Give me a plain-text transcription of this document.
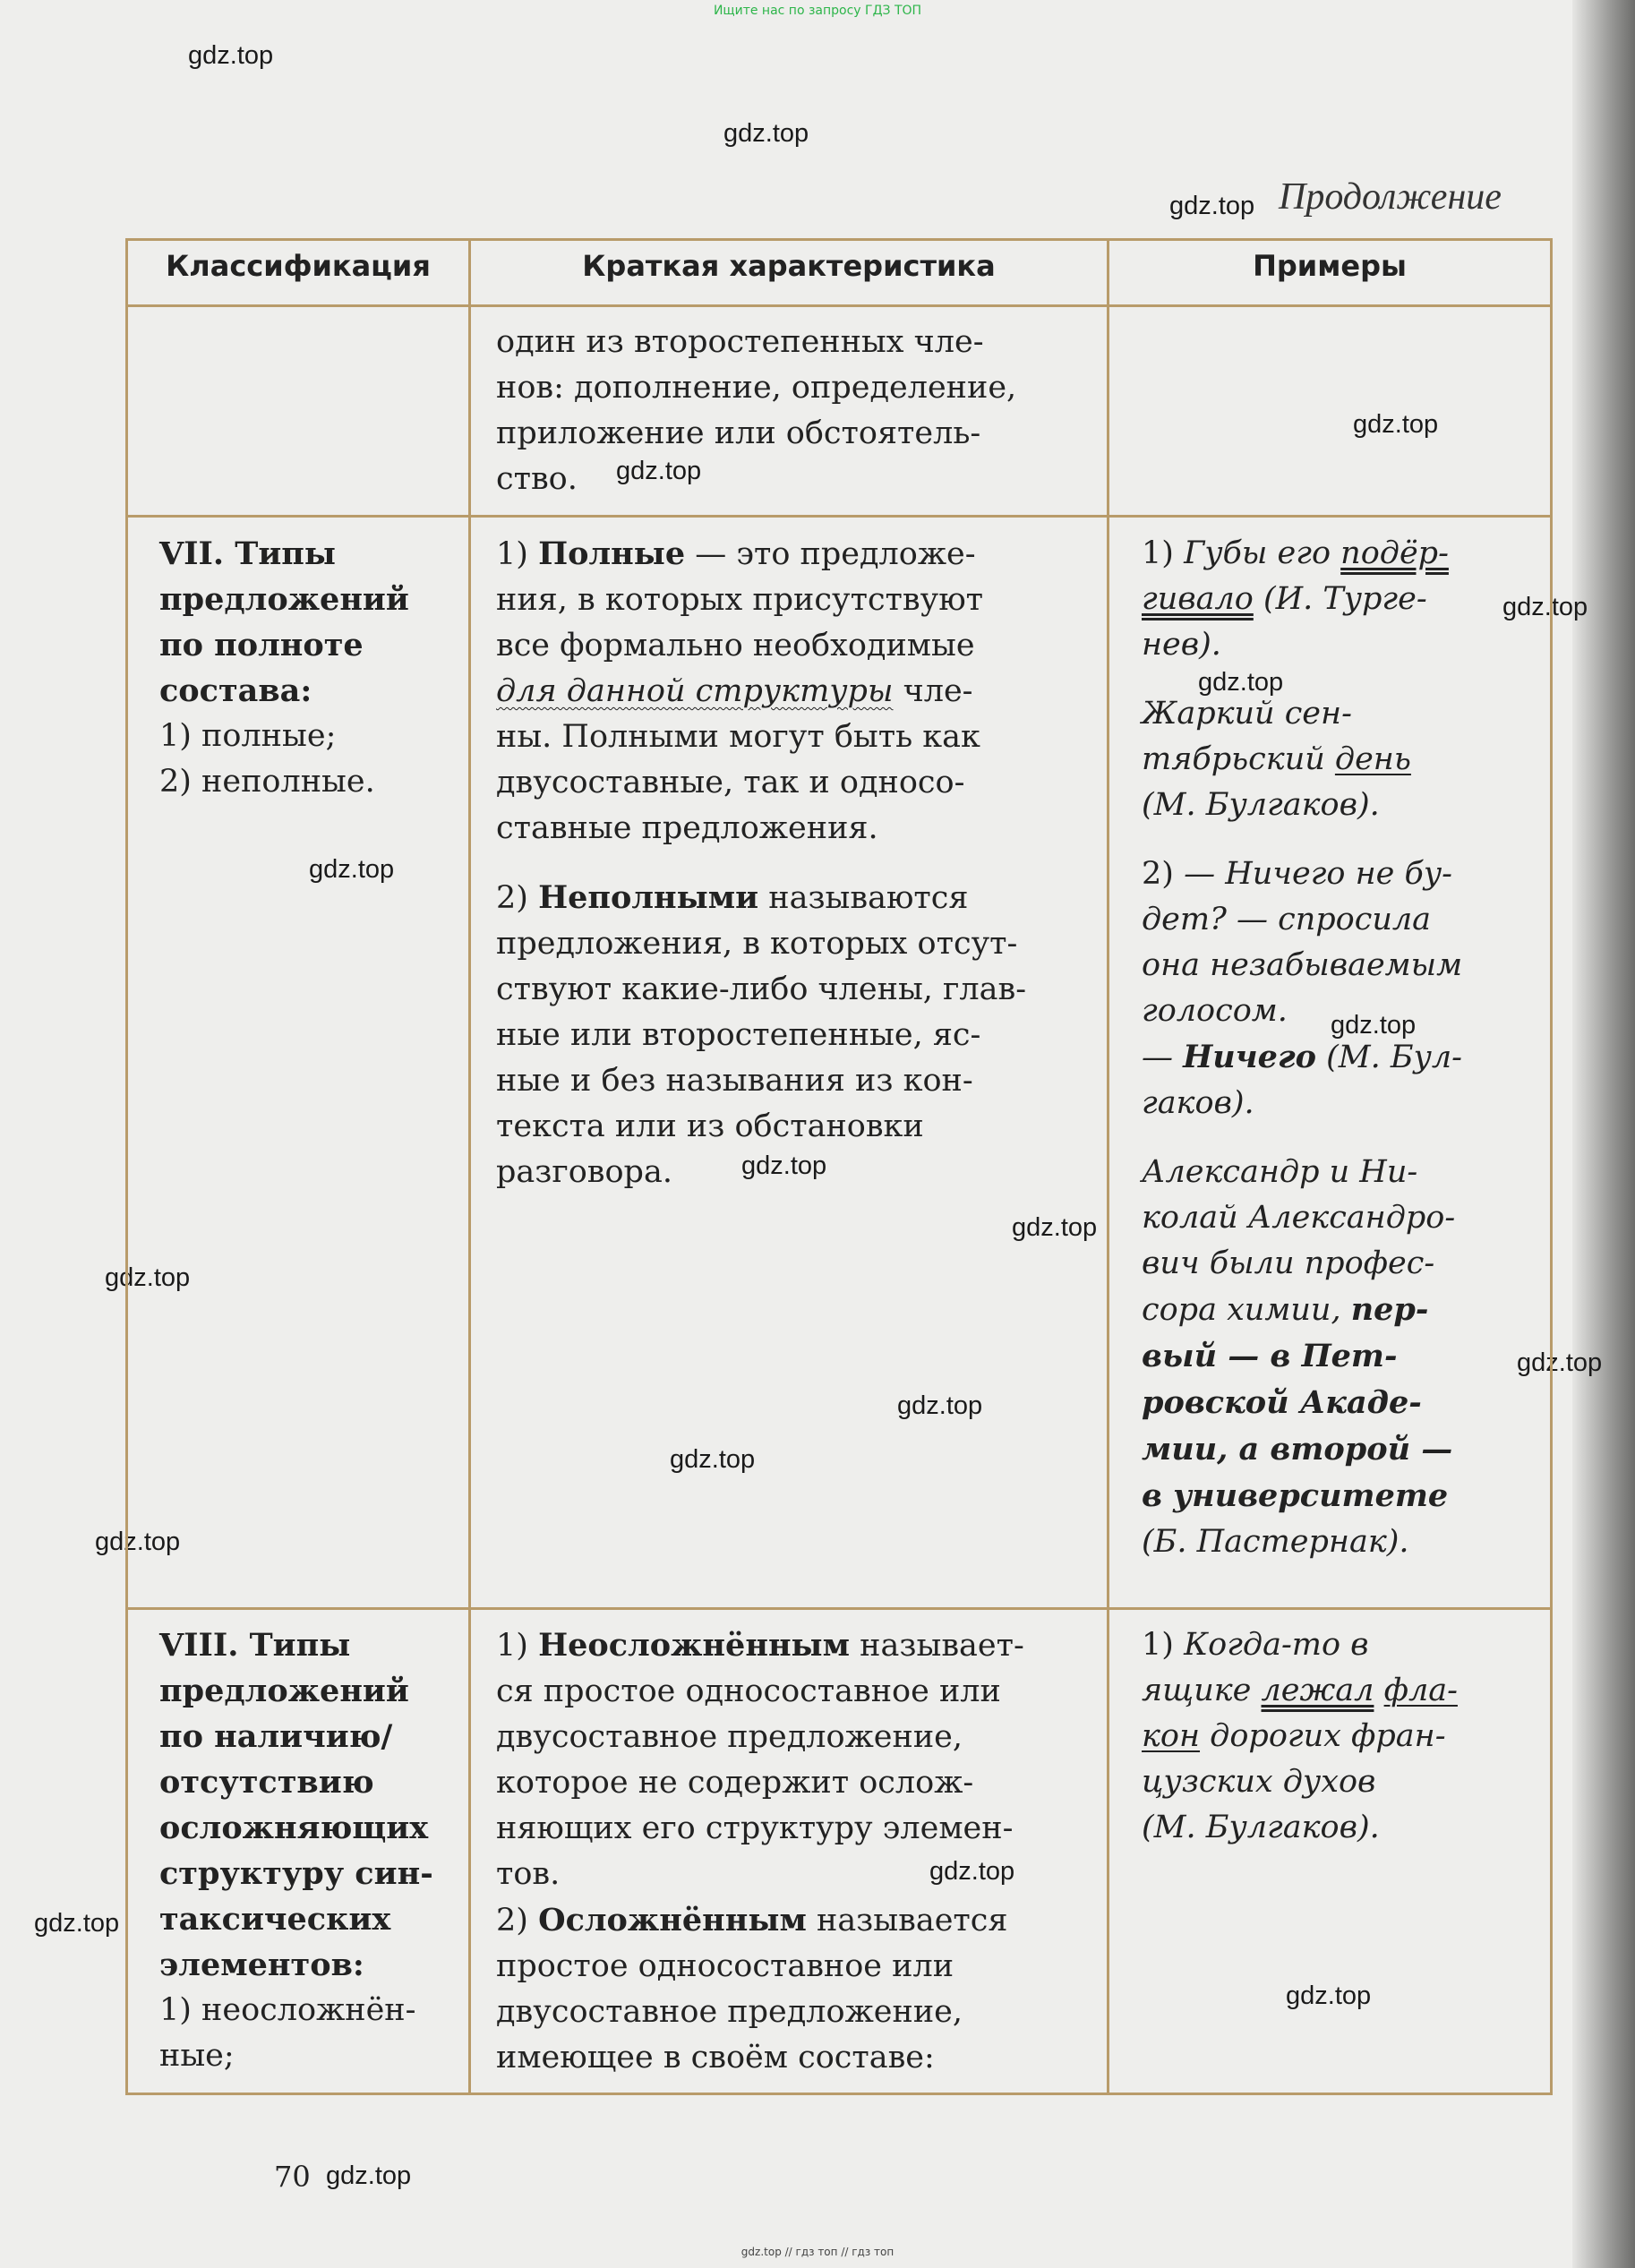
Ищите нас по запросу ГДЗ ТОП
gdz.top
gdz.top
gdz.top
gdz.top
gdz.top
gdz.top
gdz.top
gdz.top
gdz.top
gdz.top
gdz.top
gdz.top
gdz.top
gdz.top
gdz.top
gdz.top
gdz.top
gdz.top
gdz.top
gdz.top
Продолжение
Классификация	Краткая характеристика	Примеры

один из второстепенных чле-

нов: дополнение, определение,

приложение или обстоятель-

ство.

VII. Типы

предложений

по полноте

состава:

1) полные;

2) неполные.

1) Полные — это предложе-

ния, в которых присутствуют

все формально необходимые

для данной структуры чле-

ны. Полными могут быть как

двусоставные, так и односо-

ставные предложения.

2) Неполными называются

предложения, в которых отсут-

ствуют какие-либо члены, глав-

ные или второстепенные, яс-

ные и без называния из кон-

текста или из обстановки

разговора.

1) Губы его подёр-

гивало (И. Турге-

нев).

Жаркий сен-

тябрьский день

(М. Булгаков).

2) — Ничего не бу-

дет? — спросила

она незабываемым

голосом.

— Ничего (М. Бул-

гаков).

Александр и Ни-

колай Александро-

вич были профес-

сора химии, пер-

вый — в Пет-

ровской Акаде-

мии, а второй —

в университете

(Б. Пастернак).

VIII. Типы

предложений

по наличию/

отсутствию

осложняющих

структуру син-

таксических

элементов:

1) неосложнён-

ные;

1) Неосложнённым называет-

ся простое односоставное или

двусоставное предложение,

которое не содержит ослож-

няющих его структуру элемен-

тов.

2) Осложнённым называется

простое односоставное или

двусоставное предложение,

имеющее в своём составе:

1) Когда-то в

ящике лежал фла-

кон дорогих фран-

цузских духов

(М. Булгаков).

70
gdz.top // гдз топ // гдз топ
